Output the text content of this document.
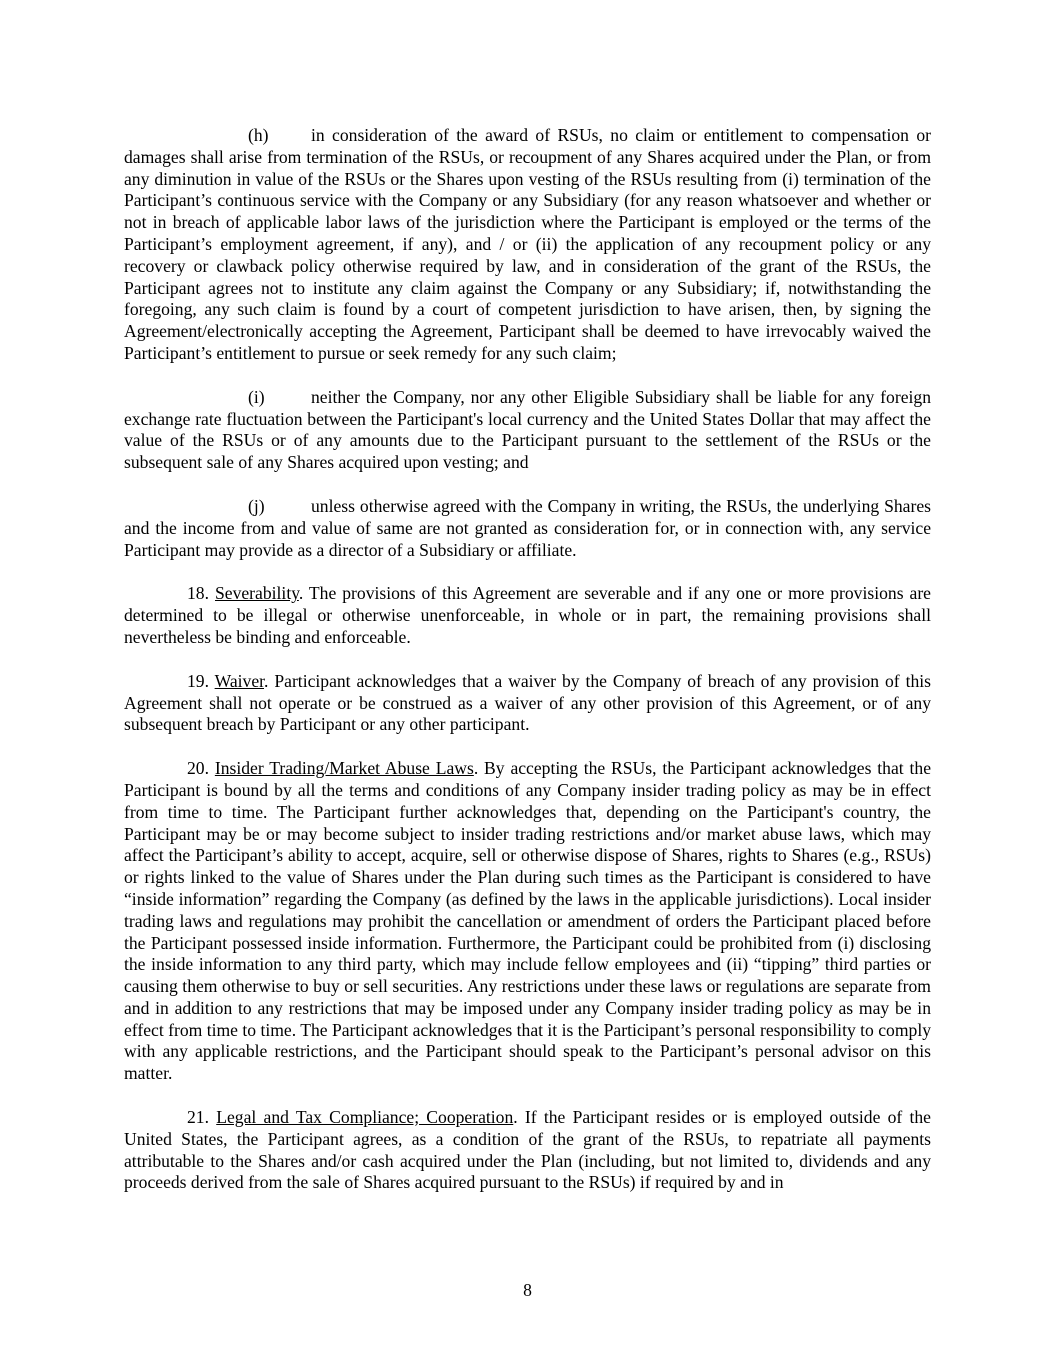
(h) in consideration of the award of RSUs, no claim or entitlement to compensation or damages shall arise from termination of the RSUs, or recoupment of any Shares acquired under the Plan, or from any diminution in value of the RSUs or the Shares upon vesting of the RSUs resulting from (i) termination of the Participant’s continuous service with the Company or any Subsidiary (for any reason whatsoever and whether or not in breach of applicable labor laws of the jurisdiction where the Participant is employed or the terms of the Participant’s employment agreement, if any), and / or (ii) the application of any recoupment policy or any recovery or clawback policy otherwise required by law, and in consideration of the grant of the RSUs, the Participant agrees not to institute any claim against the Company or any Subsidiary; if, notwithstanding the foregoing, any such claim is found by a court of competent jurisdiction to have arisen, then, by signing the Agreement/electronically accepting the Agreement, Participant shall be deemed to have irrevocably waived the Participant’s entitlement to pursue or seek remedy for any such claim;

(i)	neither the Company, nor any other Eligible Subsidiary shall be liable for any foreign exchange rate fluctuation between the Participant's local currency and the United States Dollar that may affect the value of the RSUs or of any amounts due to the Participant pursuant to the settlement of the RSUs or the subsequent sale of any Shares acquired upon vesting; and

(j)	unless otherwise agreed with the Company in writing, the RSUs, the underlying Shares and the income from and value of same are not granted as consideration for, or in connection with, any service Participant may provide as a director of a Subsidiary or affiliate.

18. Severability. The provisions of this Agreement are severable and if any one or more provisions are determined to be illegal or otherwise unenforceable, in whole or in part, the remaining provisions shall nevertheless be binding and enforceable.

19. Waiver. Participant acknowledges that a waiver by the Company of breach of any provision of this Agreement shall not operate or be construed as a waiver of any other provision of this Agreement, or of any subsequent breach by Participant or any other participant.

20. Insider Trading/Market Abuse Laws. By accepting the RSUs, the Participant acknowledges that the Participant is bound by all the terms and conditions of any Company insider trading policy as may be in effect from time to time. The Participant further acknowledges that, depending on the Participant's country, the Participant may be or may become subject to insider trading restrictions and/or market abuse laws, which may affect the Participant’s ability to accept, acquire, sell or otherwise dispose of Shares, rights to Shares (e.g., RSUs) or rights linked to the value of Shares under the Plan during such times as the Participant is considered to have “inside information” regarding the Company (as defined by the laws in the applicable jurisdictions). Local insider trading laws and regulations may prohibit the cancellation or amendment of orders the Participant placed before the Participant possessed inside information. Furthermore, the Participant could be prohibited from (i) disclosing the inside information to any third party, which may include fellow employees and (ii) “tipping” third parties or causing them otherwise to buy or sell securities. Any restrictions under these laws or regulations are separate from and in addition to any restrictions that may be imposed under any Company insider trading policy as may be in effect from time to time. The Participant acknowledges that it is the Participant’s personal responsibility to comply with any applicable restrictions, and the Participant should speak to the Participant’s personal advisor on this matter.

21. Legal and Tax Compliance; Cooperation. If the Participant resides or is employed outside of the United States, the Participant agrees, as a condition of the grant of the RSUs, to repatriate all payments attributable to the Shares and/or cash acquired under the Plan (including, but not limited to, dividends and any proceeds derived from the sale of Shares acquired pursuant to the RSUs) if required by and in

8
